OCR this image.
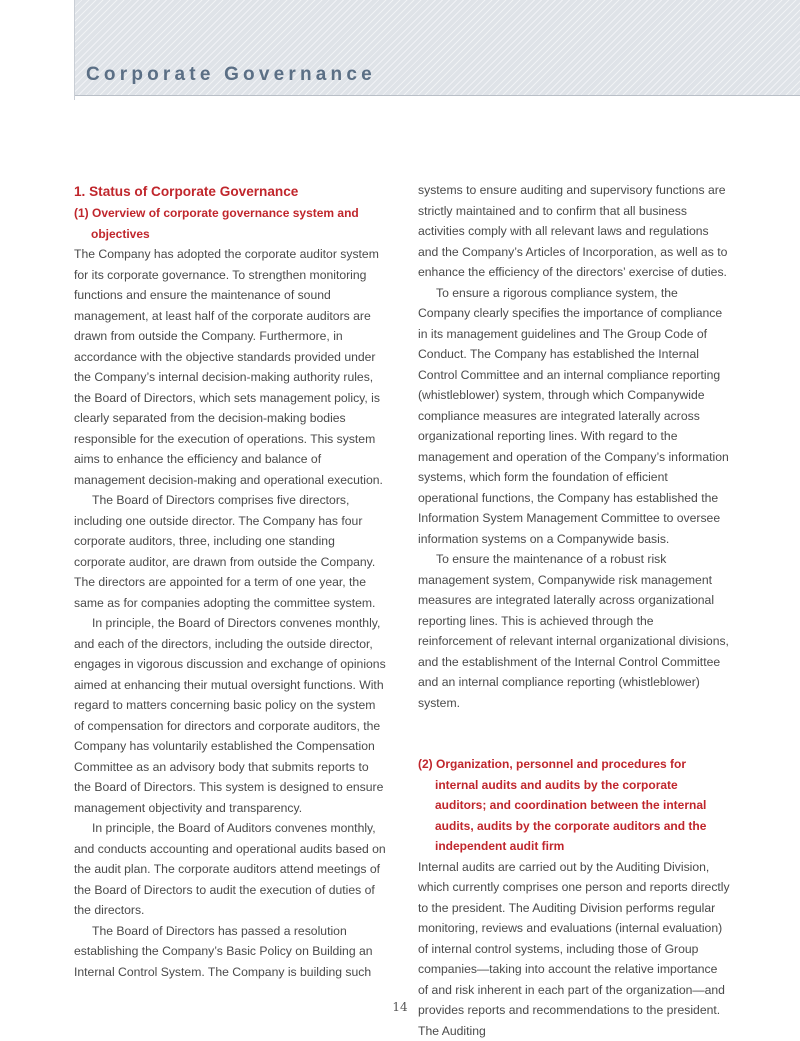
Corporate Governance
1. Status of Corporate Governance
(1) Overview of corporate governance system and objectives

The Company has adopted the corporate auditor system for its corporate governance. To strengthen monitoring functions and ensure the maintenance of sound management, at least half of the corporate auditors are drawn from outside the Company. Furthermore, in accordance with the objective standards provided under the Company’s internal decision-making authority rules, the Board of Directors, which sets management policy, is clearly separated from the decision-making bodies responsible for the execution of operations. This system aims to enhance the efficiency and balance of management decision-making and operational execution.

The Board of Directors comprises five directors, including one outside director. The Company has four corporate auditors, three, including one standing corporate auditor, are drawn from outside the Company. The directors are appointed for a term of one year, the same as for companies adopting the committee system.

In principle, the Board of Directors convenes monthly, and each of the directors, including the outside director, engages in vigorous discussion and exchange of opinions aimed at enhancing their mutual oversight functions. With regard to matters concerning basic policy on the system of compensation for directors and corporate auditors, the Company has voluntarily established the Compensation Committee as an advisory body that submits reports to the Board of Directors. This system is designed to ensure management objectivity and transparency.

In principle, the Board of Auditors convenes monthly, and conducts accounting and operational audits based on the audit plan. The corporate auditors attend meetings of the Board of Directors to audit the execution of duties of the directors.

The Board of Directors has passed a resolution establishing the Company’s Basic Policy on Building an Internal Control System. The Company is building such

systems to ensure auditing and supervisory functions are strictly maintained and to confirm that all business activities comply with all relevant laws and regulations and the Company’s Articles of Incorporation, as well as to enhance the efficiency of the directors’ exercise of duties.

To ensure a rigorous compliance system, the Company clearly specifies the importance of compliance in its management guidelines and The Group Code of Conduct. The Company has established the Internal Control Committee and an internal compliance reporting (whistleblower) system, through which Companywide compliance measures are integrated laterally across organizational reporting lines. With regard to the management and operation of the Company’s information systems, which form the foundation of efficient operational functions, the Company has established the Information System Management Committee to oversee information systems on a Companywide basis.

To ensure the maintenance of a robust risk management system, Companywide risk management measures are integrated laterally across organizational reporting lines. This is achieved through the reinforcement of relevant internal organizational divisions, and the establishment of the Internal Control Committee and an internal compliance reporting (whistleblower) system.

(2) Organization, personnel and procedures for internal audits and audits by the corporate auditors; and coordination between the internal audits, audits by the corporate auditors and the independent audit firm

Internal audits are carried out by the Auditing Division, which currently comprises one person and reports directly to the president. The Auditing Division performs regular monitoring, reviews and evaluations (internal evaluation) of internal control systems, including those of Group companies—taking into account the relative importance of and risk inherent in each part of the organization—and provides reports and recommendations to the president. The Auditing

14
